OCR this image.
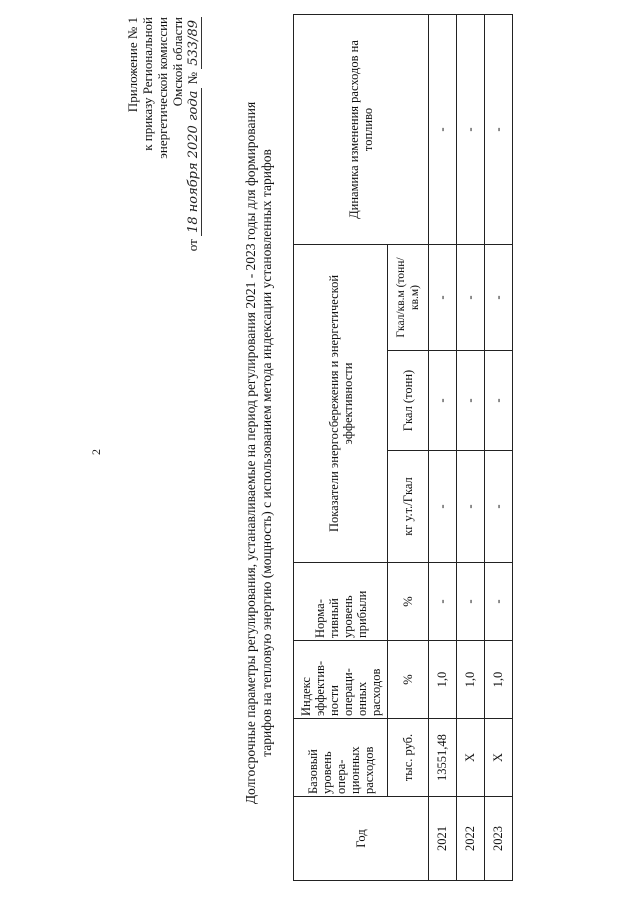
2
Приложение № 1 к приказу Региональной энергетической комиссии Омской области
от 18 ноября 2020 года № 533/89
Долгосрочные параметры регулирования, устанавливаемые на период регулирования 2021 - 2023 годы для формирования тарифов на тепловую энергию (мощность) с использованием метода индексации установленных тарифов
Год	Базовый уровень опера- ционных расходов	Индекс эффектив- ности операци- онных расходов	Норма- тивный уровень прибыли	Показатели энергосбережения и энергетической эффективности			Динамика изменения расходов на топливо
	тыс. руб.	%	%	кг у.т./Гкал	Гкал (тонн)	Гкал/кв.м (тонн/кв.м)	
2021	13551,48	1,0	-	-	-	-	-
2022	Х	1,0	-	-	-	-	-
2023	Х	1,0	-	-	-	-	-
